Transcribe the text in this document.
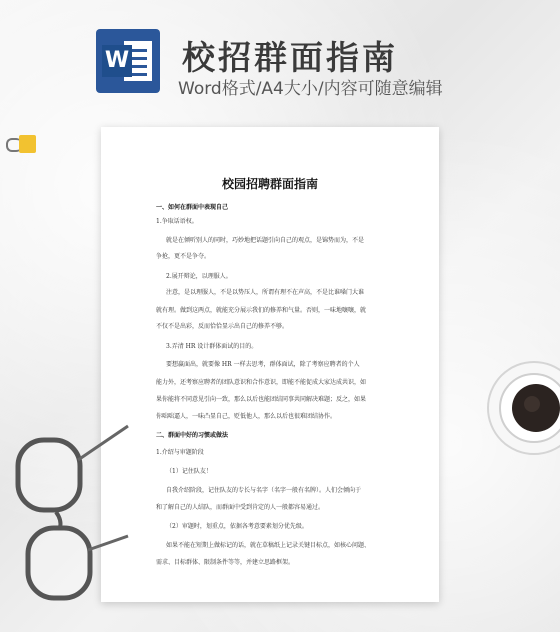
W 校招群面指南

Word格式/A4大小/内容可随意编辑

校园招聘群面指南

一、如何在群面中表现自己

1.争取话语权。

就是在倾听别人的同时，巧妙地把话题引向自己的观点，是锦势而为，不是

争抢，更不是争夺。

2.展开辩论，以理服人。

注意，是以理服人，不是以势压人，所谓有理不在声高，不是比谁嗓门大谁

就有理。做到这两点，就能充分展示我们的修养和气量。否则，一味地嚷嚷，就

不仅不是出彩，反而恰恰显示出自己的修养不够。

3.弄清 HR 设计群体面试的目的。

要想赢面出，就要像 HR 一样去思考，群体面试，除了考察应聘者的个人

能力外，还考察应聘者的团队意识和合作意识，即能不能促成大家达成共识，如

果你能将不同意见引向一致，那么以后也能团结同事共同解决难题；反之，如果

你咄咄逼人，一味凸显自己，贬低他人，那么以后也很难团结协作。

二、群面中好的习惯或做法

1.介绍与审题阶段

（1）记住队友！

自我介绍阶段，记住队友的专长与名字（名字一般有名牌）。人们会倾向于

和了解自己的人结队，而群面中受到肯定的人一般都容易通过。

（2）审题时，划重点，依据各考意要素划分优先级。

如果不能在短期上做标记的话，就在草稿纸上记录关键目标点，如核心问题、

需求、目标群体、限制条件等等，并建立思路框架。
